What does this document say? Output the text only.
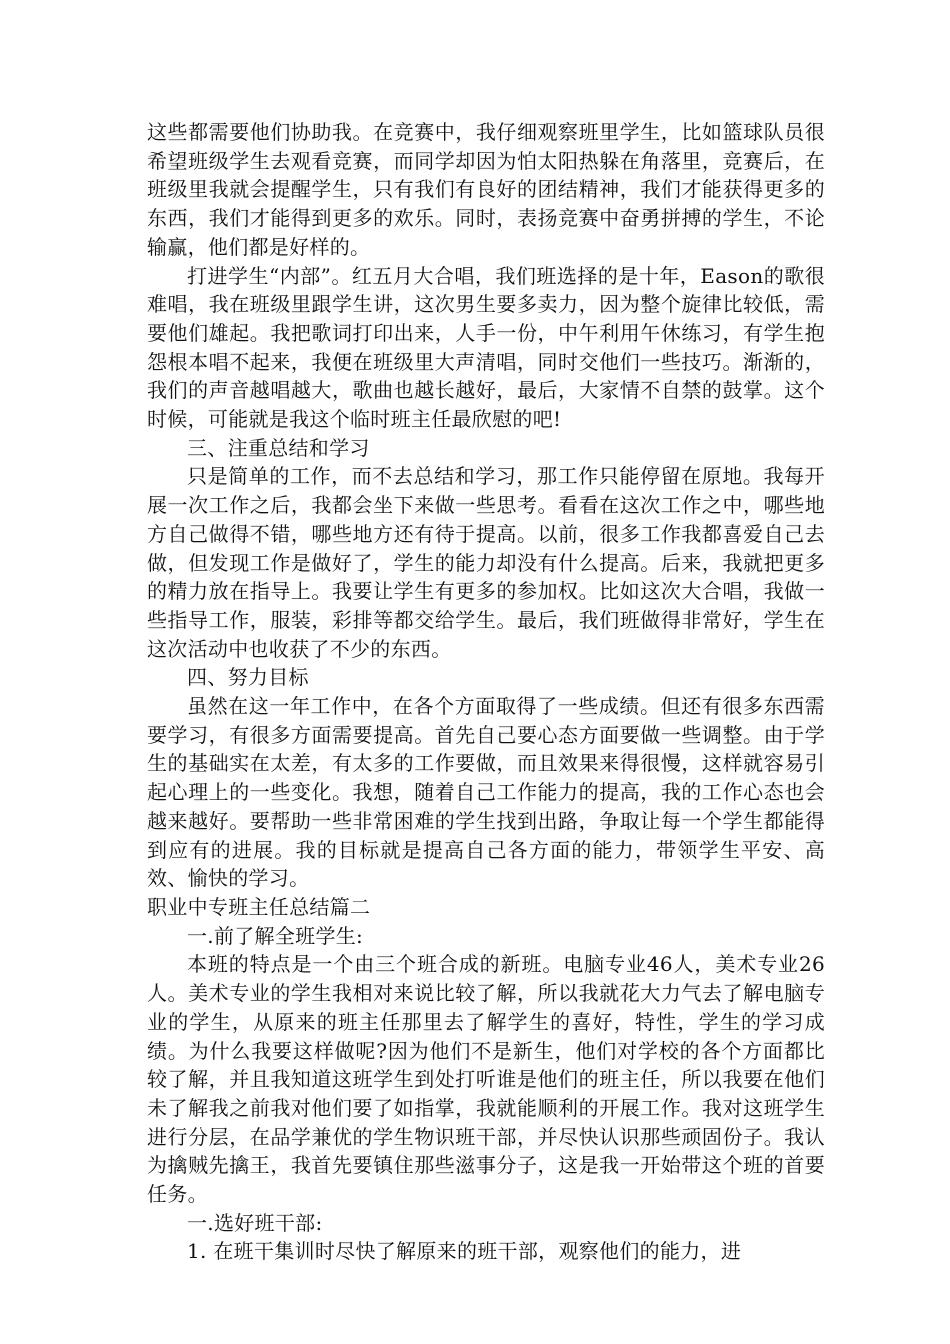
这些都需要他们协助我。在竞赛中，我仔细观察班里学生，比如篮球队员很希望班级学生去观看竞赛，而同学却因为怕太阳热躲在角落里，竞赛后，在班级里我就会提醒学生，只有我们有良好的团结精神，我们才能获得更多的东西，我们才能得到更多的欢乐。同时，表扬竞赛中奋勇拼搏的学生，不论输赢，他们都是好样的。

打进学生“内部”。红五月大合唱，我们班选择的是十年，Eason的歌很难唱，我在班级里跟学生讲，这次男生要多卖力，因为整个旋律比较低，需要他们雄起。我把歌词打印出来，人手一份，中午利用午休练习，有学生抱怨根本唱不起来，我便在班级里大声清唱，同时交他们一些技巧。渐渐的，我们的声音越唱越大，歌曲也越长越好，最后，大家情不自禁的鼓掌。这个时候，可能就是我这个临时班主任最欣慰的吧!

三、注重总结和学习

只是简单的工作，而不去总结和学习，那工作只能停留在原地。我每开展一次工作之后，我都会坐下来做一些思考。看看在这次工作之中，哪些地方自己做得不错，哪些地方还有待于提高。以前，很多工作我都喜爱自己去做，但发现工作是做好了，学生的能力却没有什么提高。后来，我就把更多的精力放在指导上。我要让学生有更多的参加权。比如这次大合唱，我做一些指导工作，服装，彩排等都交给学生。最后，我们班做得非常好，学生在这次活动中也收获了不少的东西。

四、努力目标

虽然在这一年工作中，在各个方面取得了一些成绩。但还有很多东西需要学习，有很多方面需要提高。首先自己要心态方面要做一些调整。由于学生的基础实在太差，有太多的工作要做，而且效果来得很慢，这样就容易引起心理上的一些变化。我想，随着自己工作能力的提高，我的工作心态也会越来越好。要帮助一些非常困难的学生找到出路，争取让每一个学生都能得到应有的进展。我的目标就是提高自己各方面的能力，带领学生平安、高效、愉快的学习。

职业中专班主任总结篇二

一.前了解全班学生:

本班的特点是一个由三个班合成的新班。电脑专业46人，美术专业26人。美术专业的学生我相对来说比较了解，所以我就花大力气去了解电脑专业的学生，从原来的班主任那里去了解学生的喜好，特性，学生的学习成绩。为什么我要这样做呢?因为他们不是新生，他们对学校的各个方面都比较了解，并且我知道这班学生到处打听谁是他们的班主任，所以我要在他们未了解我之前我对他们要了如指掌，我就能顺利的开展工作。我对这班学生进行分层，在品学兼优的学生物识班干部，并尽快认识那些顽固份子。我认为擒贼先擒王，我首先要镇住那些滋事分子，这是我一开始带这个班的首要任务。

一.选好班干部:

1. 在班干集训时尽快了解原来的班干部，观察他们的能力，进
